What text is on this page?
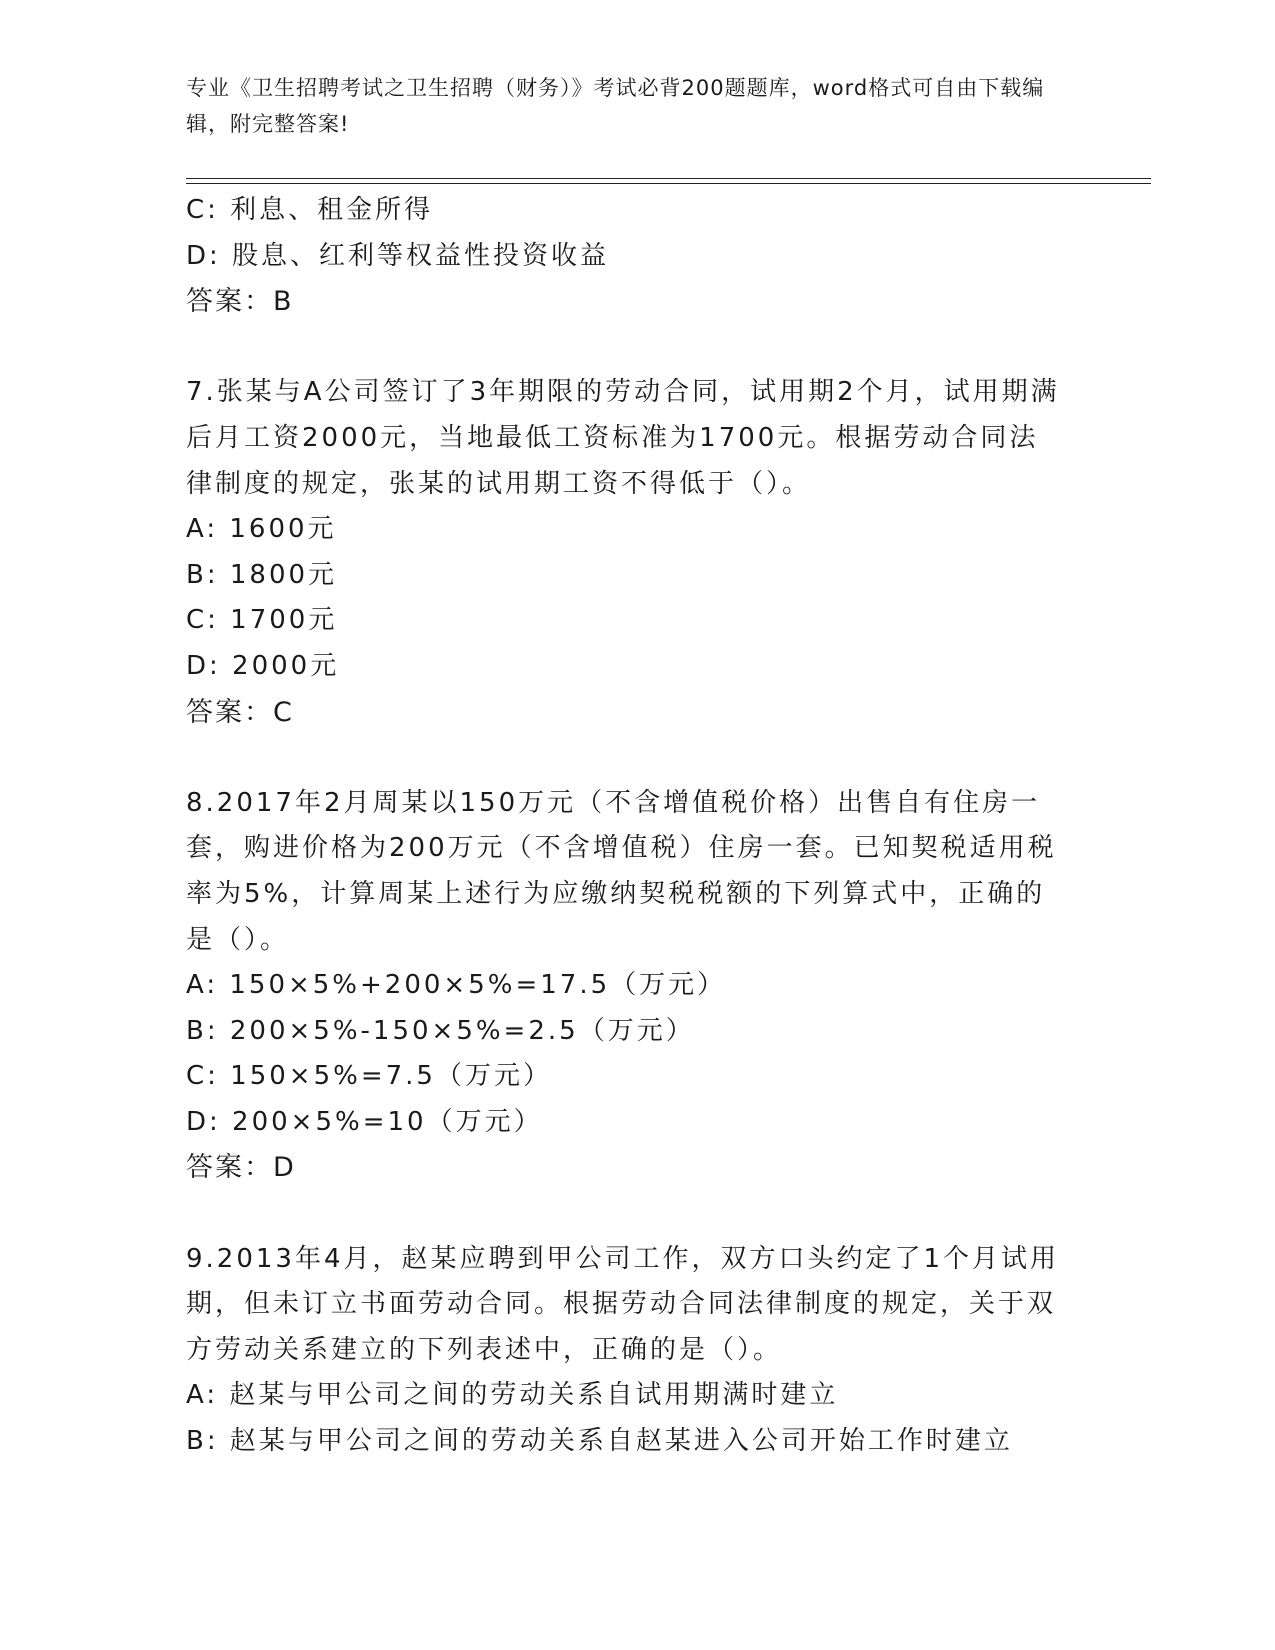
专业《卫生招聘考试之卫生招聘（财务）》考试必背200题题库，word格式可自由下载编辑，附完整答案!
C: 利息、租金所得
D: 股息、红利等权益性投资收益
答案：B
7.张某与A公司签订了3年期限的劳动合同，试用期2个月，试用期满后月工资2000元，当地最低工资标准为1700元。根据劳动合同法律制度的规定，张某的试用期工资不得低于（）。
A: 1600元
B: 1800元
C: 1700元
D: 2000元
答案：C
8.2017年2月周某以150万元（不含增值税价格）出售自有住房一套，购进价格为200万元（不含增值税）住房一套。已知契税适用税率为5%，计算周某上述行为应缴纳契税税额的下列算式中，正确的是（）。
A: 150×5%+200×5%=17.5（万元）
B: 200×5%-150×5%=2.5（万元）
C: 150×5%=7.5（万元）
D: 200×5%=10（万元）
答案：D
9.2013年4月，赵某应聘到甲公司工作，双方口头约定了1个月试用期，但未订立书面劳动合同。根据劳动合同法律制度的规定，关于双方劳动关系建立的下列表述中，正确的是（）。
A: 赵某与甲公司之间的劳动关系自试用期满时建立
B: 赵某与甲公司之间的劳动关系自赵某进入公司开始工作时建立
